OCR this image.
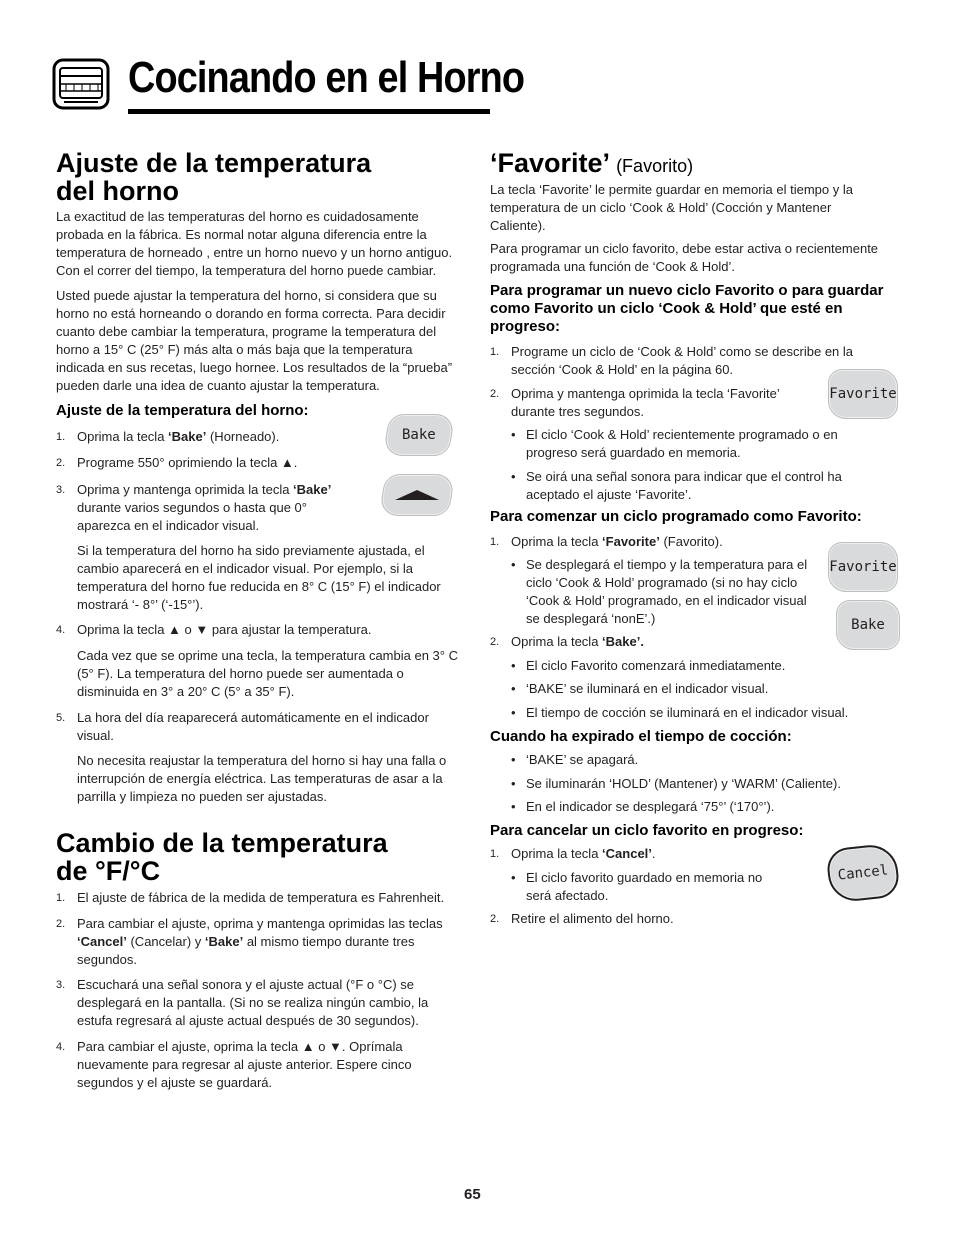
Cocinando en el Horno
Ajuste de la temperatura
del horno
La exactitud de las temperaturas del horno es cuidadosamente probada en la fábrica. Es normal notar alguna diferencia entre la temperatura de horneado , entre un horno nuevo y un horno antiguo. Con el correr del tiempo, la temperatura del horno puede cambiar.
Usted puede ajustar la temperatura del horno, si considera que su horno no está horneando o dorando en forma correcta. Para decidir cuanto debe cambiar la temperatura, programe la temperatura del horno a 15° C (25° F) más alta o más baja que la temperatura indicada en sus recetas, luego hornee. Los resultados de la “prueba” pueden darle una idea de cuanto ajustar la temperatura.
Ajuste de la temperatura del horno:
1. Oprima la tecla ‘Bake’ (Horneado).
2. Programe 550° oprimiendo la tecla ▲.
3. Oprima y mantenga oprimida la tecla ‘Bake’ durante varios segundos o hasta que 0° aparezca en el indicador visual.
Si la temperatura del horno ha sido previamente ajustada, el cambio aparecerá en el indicador visual. Por ejemplo, si la temperatura del horno fue reducida en 8° C (15° F) el indicador mostrará ‘- 8°’ (‘-15°’).
4. Oprima la tecla ▲ o ▼ para ajustar la temperatura.
Cada vez que se oprime una tecla, la temperatura cambia en 3° C (5° F). La temperatura del horno puede ser aumentada o disminuida en 3° a 20° C (5° a 35° F).
5. La hora del día reaparecerá automáticamente en el indicador visual.
No necesita reajustar la temperatura del horno si hay una falla o interrupción de energía eléctrica. Las temperaturas de asar a la parrilla y limpieza no pueden ser ajustadas.
Bake
Cambio de la temperatura
de °F/°C
1. El ajuste de fábrica de la medida de temperatura es Fahrenheit.
2. Para cambiar el ajuste, oprima y mantenga oprimidas las teclas ‘Cancel’ (Cancelar) y ‘Bake’ al mismo tiempo durante tres segundos.
3. Escuchará una señal sonora y el ajuste actual (°F o °C) se desplegará en la pantalla. (Si no se realiza ningún cambio, la estufa regresará al ajuste actual después de 30 segundos).
4. Para cambiar el ajuste, oprima la tecla ▲ o ▼. Oprímala nuevamente para regresar al ajuste anterior. Espere cinco segundos y el ajuste se guardará.
‘Favorite’ (Favorito)
La tecla ‘Favorite’ le permite guardar en memoria el tiempo y la temperatura de un ciclo ‘Cook & Hold’ (Cocción y Mantener Caliente).
Para programar un ciclo favorito, debe estar activa o recientemente programada una función de ‘Cook & Hold’.
Para programar un nuevo ciclo Favorito o para guardar como Favorito un ciclo ‘Cook & Hold’ que esté en progreso:
1. Programe un ciclo de ‘Cook & Hold’ como se describe en la sección ‘Cook & Hold’ en la página 60.
2. Oprima y mantenga oprimida la tecla ‘Favorite’ durante tres segundos.
• El ciclo ‘Cook & Hold’ recientemente programado o en progreso será guardado en memoria.
• Se oirá una señal sonora para indicar que el control ha aceptado el ajuste ‘Favorite’.
Para comenzar un ciclo programado como Favorito:
1. Oprima la tecla ‘Favorite’ (Favorito).
• Se desplegará el tiempo y la temperatura para el ciclo ‘Cook & Hold’ programado (si no hay ciclo ‘Cook & Hold’ programado, en el indicador visual se desplegará ‘nonE’.)
2. Oprima la tecla ‘Bake’.
• El ciclo Favorito comenzará inmediatamente.
• ‘BAKE’ se iluminará en el indicador visual.
• El tiempo de cocción se iluminará en el indicador visual.
Cuando ha expirado el tiempo de cocción:
• ‘BAKE’ se apagará.
• Se iluminarán ‘HOLD’ (Mantener) y ‘WARM’ (Caliente).
• En el indicador se desplegará ‘75°’ (‘170°’).
Para cancelar un ciclo favorito en progreso:
1. Oprima la tecla ‘Cancel’.
• El ciclo favorito guardado en memoria no será afectado.
2. Retire el alimento del horno.
Favorite
Favorite
Bake
Cancel
65
